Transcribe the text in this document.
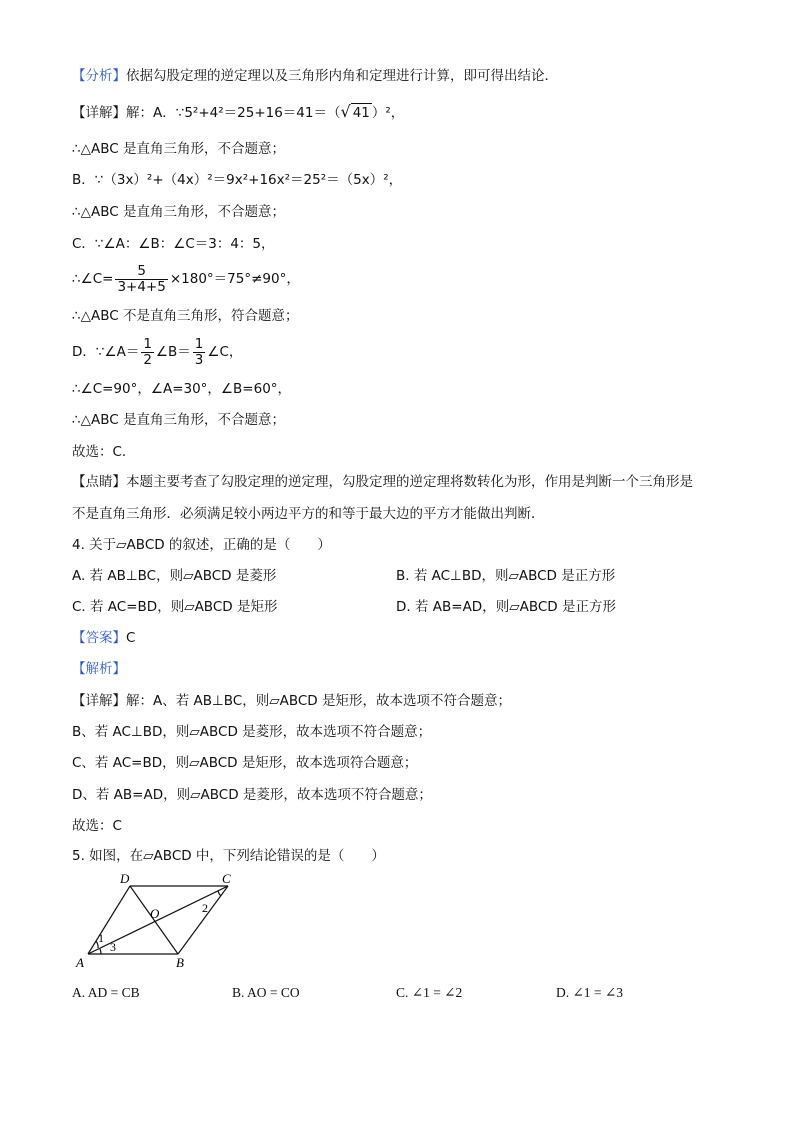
【分析】依据勾股定理的逆定理以及三角形内角和定理进行计算，即可得出结论．
【详解】解：A．∵5²+4²＝25+16＝41＝（√ 41 ）²，
∴△ABC 是直角三角形，不合题意；
B．∵（3x）²+（4x）²＝9x²+16x²＝25²＝（5x）²，
∴△ABC 是直角三角形，不合题意；
C．∵∠A：∠B：∠C＝3：4：5，
∴∠C= $\frac{5}{3+4+5} \times 180^\circ=75^\circ\ne 90^\circ$，
∴△ABC 不是直角三角形，符合题意；
D．∵∠A＝ $\frac{1}{2}$ ∠B＝ $\frac{1}{3}$ ∠C，
∴∠C=90°，∠A=30°，∠B=60°，
∴△ABC 是直角三角形，不合题意；
故选：C．
【点睛】本题主要考查了勾股定理的逆定理，勾股定理的逆定理将数转化为形，作用是判断一个三角形是
不是直角三角形．必须满足较小两边平方的和等于最大边的平方才能做出判断．
4. 关于▱ABCD 的叙述，正确的是（　　）
A. 若 AB⊥BC，则▱ABCD 是菱形	B. 若 AC⊥BD，则▱ABCD 是正方形
C. 若 AC=BD，则▱ABCD 是矩形	D. 若 AB=AD，则▱ABCD 是正方形
【答案】C
【解析】
【详解】解：A、若 AB⊥BC，则▱ABCD 是矩形，故本选项不符合题意；
B、若 AC⊥BD，则▱ABCD 是菱形，故本选项不符合题意；
C、若 AC=BD，则▱ABCD 是矩形，故本选项符合题意；
D、若 AB=AD，则▱ABCD 是菱形，故本选项不符合题意；
故选：C
5. 如图，在▱ABCD 中，下列结论错误的是（　　）
D	C
A	B
O
1
2
3
A. AD = CB	B. AO = CO	C. ∠1 = ∠2	D. ∠1 = ∠3
